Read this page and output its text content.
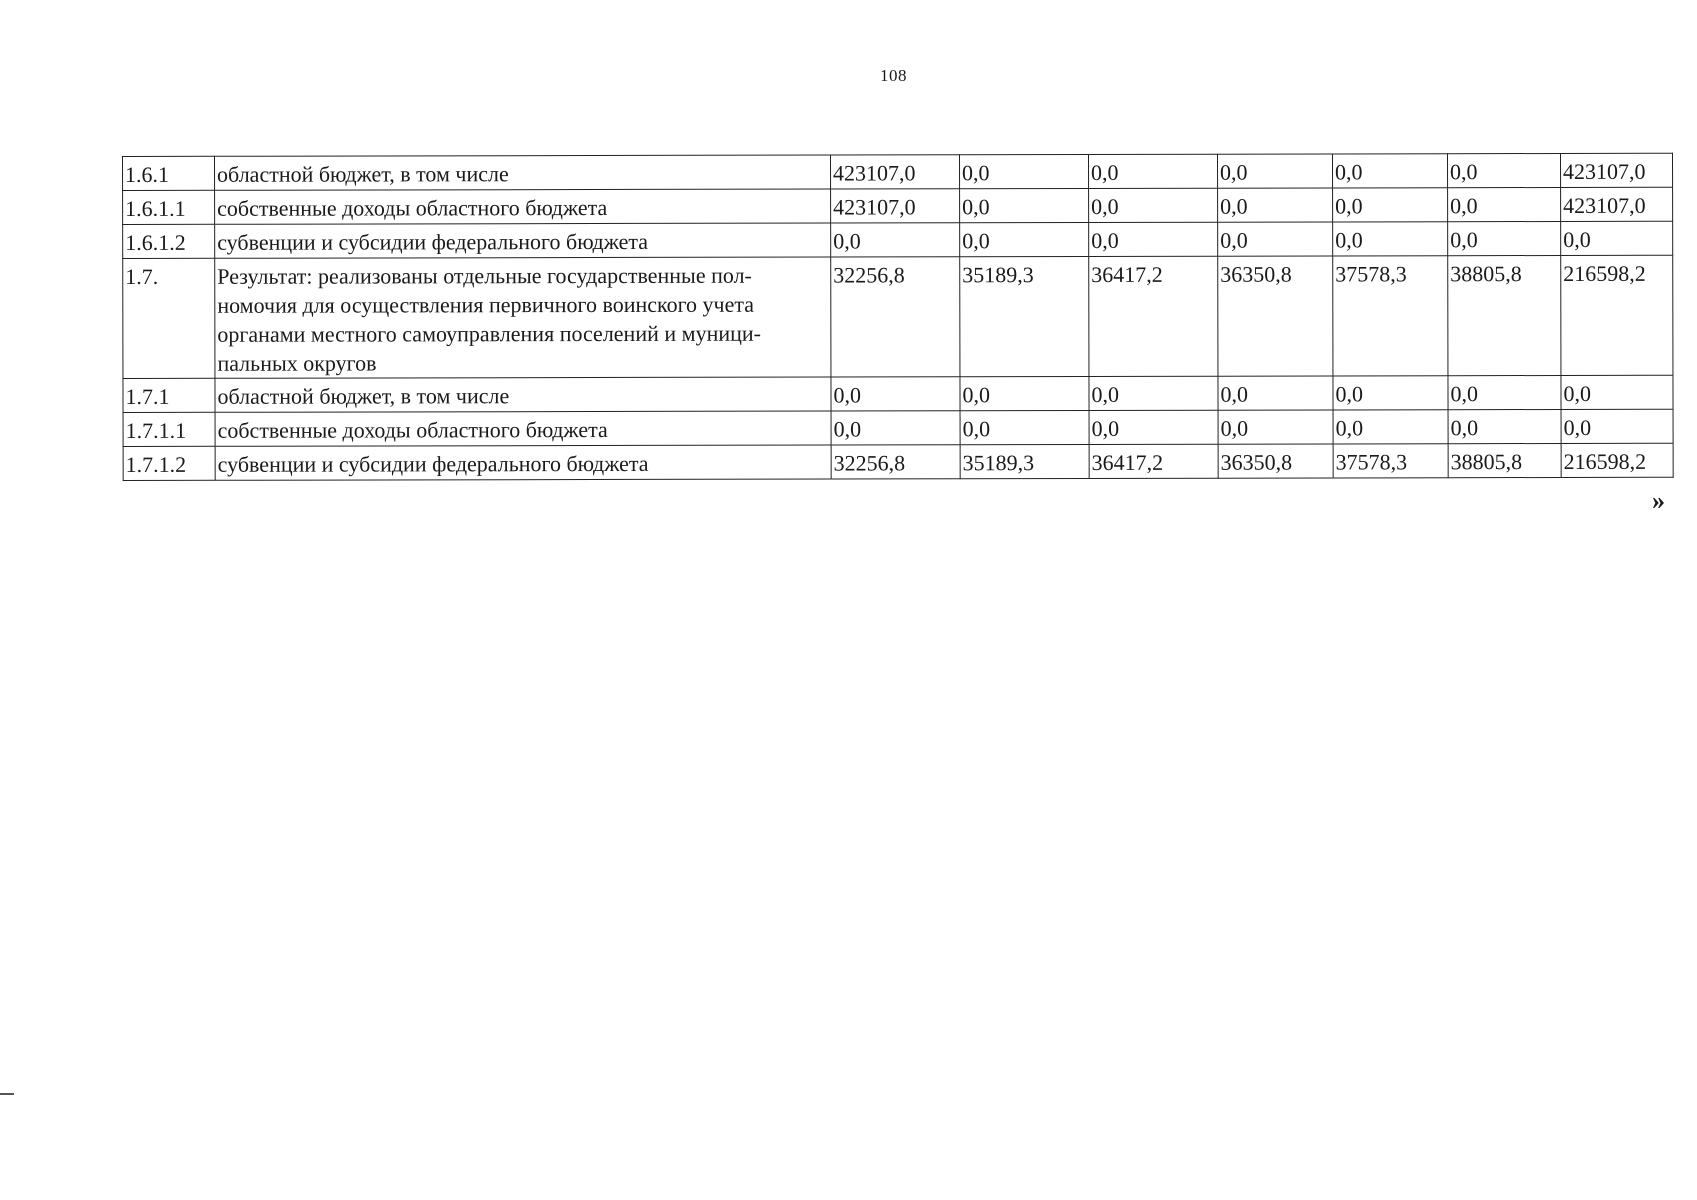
108
1.6.1	областной бюджет, в том числе	423107,0	0,0	0,0	0,0	0,0	0,0	423107,0
1.6.1.1	собственные доходы областного бюджета	423107,0	0,0	0,0	0,0	0,0	0,0	423107,0
1.6.1.2	субвенции и субсидии федерального бюджета	0,0	0,0	0,0	0,0	0,0	0,0	0,0
1.7.	Результат: реализованы отдельные государственные пол-номочия для осуществления первичного воинского учета органами местного самоуправления поселений и муници-пальных округов	32256,8	35189,3	36417,2	36350,8	37578,3	38805,8	216598,2
1.7.1	областной бюджет, в том числе	0,0	0,0	0,0	0,0	0,0	0,0	0,0
1.7.1.1	собственные доходы областного бюджета	0,0	0,0	0,0	0,0	0,0	0,0	0,0
1.7.1.2	субвенции и субсидии федерального бюджета	32256,8	35189,3	36417,2	36350,8	37578,3	38805,8	216598,2
»
